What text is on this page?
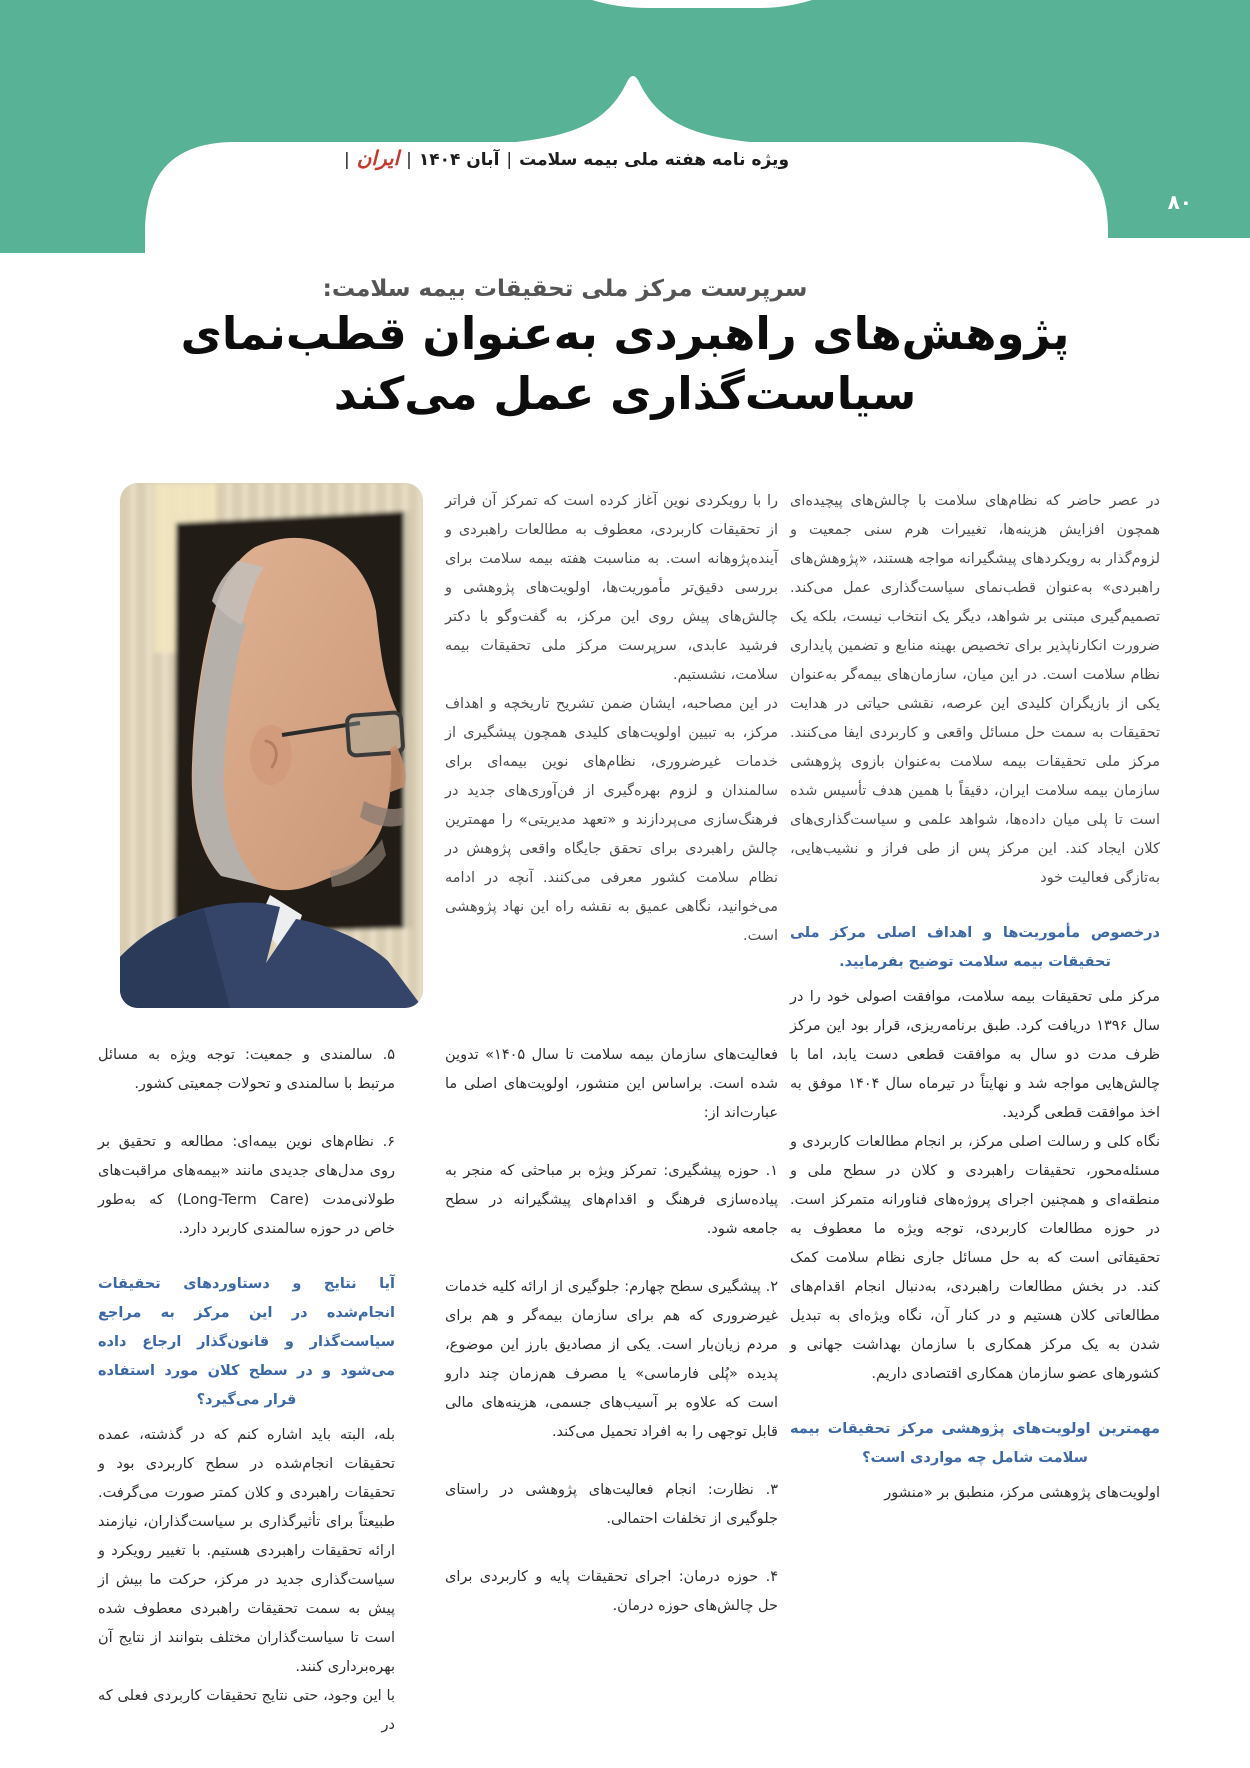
ویژه نامه هفته ملی بیمه سلامت|آبان ۱۴۰۴|ایران|
۸۰
سرپرست مرکز ملی تحقیقات بیمه سلامت:
پژوهش‌های راهبردی به‌عنوان قطب‌نمای
سیاست‌گذاری عمل می‌کند

در عصر حاضر که نظام‌های سلامت با چالش‌های پیچیده‌ای همچون افزایش هزینه‌ها، تغییرات هرم سنی جمعیت و لزوم‌گذار به رویکردهای پیشگیرانه مواجه هستند، «پژوهش‌های راهبردی» به‌عنوان قطب‌نمای سیاست‌گذاری عمل می‌کند. تصمیم‌گیری مبتنی بر شواهد، دیگر یک انتخاب نیست، بلکه یک ضرورت انکارناپذیر برای تخصیص بهینه منابع و تضمین پایداری نظام سلامت است. در این میان، سازمان‌های بیمه‌گر به‌عنوان یکی از بازیگران کلیدی این عرصه، نقشی حیاتی در هدایت تحقیقات به سمت حل مسائل واقعی و کاربردی ایفا می‌کنند. مرکز ملی تحقیقات بیمه سلامت به‌عنوان بازوی پژوهشی سازمان بیمه سلامت ایران، دقیقاً با همین هدف تأسیس شده است تا پلی میان داده‌ها، شواهد علمی و سیاست‌گذاری‌های کلان ایجاد کند. این مرکز پس از طی فراز و نشیب‌هایی، به‌تازگی فعالیت خود

درخصوص مأموریت‌ها و اهداف اصلی مرکز ملی تحقیقات بیمه سلامت توضیح بفرمایید.

مرکز ملی تحقیقات بیمه سلامت، موافقت اصولی خود را در سال ۱۳۹۶ دریافت کرد. طبق برنامه‌ریزی، قرار بود این مرکز ظرف مدت دو سال به موافقت قطعی دست یابد، اما با چالش‌هایی مواجه شد و نهایتاً در تیرماه سال ۱۴۰۴ موفق به اخذ موافقت قطعی گردید.

نگاه کلی و رسالت اصلی مرکز، بر انجام مطالعات کاربردی و مسئله‌محور، تحقیقات راهبردی و کلان در سطح ملی و منطقه‌ای و همچنین اجرای پروژه‌های فناورانه متمرکز است. در حوزه مطالعات کاربردی، توجه ویژه ما معطوف به تحقیقاتی است که به حل مسائل جاری نظام سلامت کمک کند. در بخش مطالعات راهبردی، به‌دنبال انجام اقدام‌های مطالعاتی کلان هستیم و در کنار آن، نگاه ویژه‌ای به تبدیل شدن به یک مرکز همکاری با سازمان بهداشت جهانی و کشورهای عضو سازمان همکاری اقتصادی داریم.

مهمترین اولویت‌های پژوهشی مرکز تحقیقات بیمه سلامت شامل چه مواردی است؟

اولویت‌های پژوهشی مرکز، منطبق بر «منشور

را با رویکردی نوین آغاز کرده است که تمرکز آن فراتر از تحقیقات کاربردی، معطوف به مطالعات راهبردی و آینده‌پژوهانه است. به مناسبت هفته بیمه سلامت برای بررسی دقیق‌تر مأموریت‌ها، اولویت‌های پژوهشی و چالش‌های پیش روی این مرکز، به گفت‌وگو با دکتر فرشید عابدی، سرپرست مرکز ملی تحقیقات بیمه سلامت، نشستیم.

در این مصاحبه، ایشان ضمن تشریح تاریخچه و اهداف مرکز، به تبیین اولویت‌های کلیدی همچون پیشگیری از خدمات غیرضروری، نظام‌های نوین بیمه‌ای برای سالمندان و لزوم بهره‌گیری از فن‌آوری‌های جدید در فرهنگ‌سازی می‌پردازند و «تعهد مدیریتی» را مهمترین چالش راهبردی برای تحقق جایگاه واقعی پژوهش در نظام سلامت کشور معرفی می‌کنند. آنچه در ادامه می‌خوانید، نگاهی عمیق به نقشه راه این نهاد پژوهشی است.

فعالیت‌های سازمان بیمه سلامت تا سال ۱۴۰۵» تدوین شده است. براساس این منشور، اولویت‌های اصلی ما عبارت‌اند از:

۱. حوزه پیشگیری: تمرکز ویژه بر مباحثی که منجر به پیاده‌سازی فرهنگ و اقدام‌های پیشگیرانه در سطح جامعه شود.

۲. پیشگیری سطح چهارم: جلوگیری از ارائه کلیه خدمات غیرضروری که هم برای سازمان بیمه‌گر و هم برای مردم زیان‌بار است. یکی از مصادیق بارز این موضوع، پدیده «پُلی فارماسی» یا مصرف هم‌زمان چند دارو است که علاوه بر آسیب‌های جسمی، هزینه‌های مالی قابل توجهی را به افراد تحمیل می‌کند.

۳. نظارت: انجام فعالیت‌های پژوهشی در راستای جلوگیری از تخلفات احتمالی.

۴. حوزه درمان: اجرای تحقیقات پایه و کاربردی برای حل چالش‌های حوزه درمان.

۵. سالمندی و جمعیت: توجه ویژه به مسائل مرتبط با سالمندی و تحولات جمعیتی کشور.

۶. نظام‌های نوین بیمه‌ای: مطالعه و تحقیق بر روی مدل‌های جدیدی مانند «بیمه‌های مراقبت‌های طولانی‌مدت (Long-Term Care) که به‌طور خاص در حوزه سالمندی کاربرد دارد.

آیا نتایج و دستاوردهای تحقیقات انجام‌شده در این مرکز به مراجع سیاست‌گذار و قانون‌گذار ارجاع داده می‌شود و در سطح کلان مورد استفاده قرار می‌گیرد؟

بله، البته باید اشاره کنم که در گذشته، عمده تحقیقات انجام‌شده در سطح کاربردی بود و تحقیقات راهبردی و کلان کمتر صورت می‌گرفت. طبیعتاً برای تأثیرگذاری بر سیاست‌گذاران، نیازمند ارائه تحقیقات راهبردی هستیم. با تغییر رویکرد و سیاست‌گذاری جدید در مرکز، حرکت ما بیش از پیش به سمت تحقیقات راهبردی معطوف شده است تا سیاست‌گذاران مختلف بتوانند از نتایج آن بهره‌برداری کنند.

با این وجود، حتی نتایج تحقیقات کاربردی فعلی که در
